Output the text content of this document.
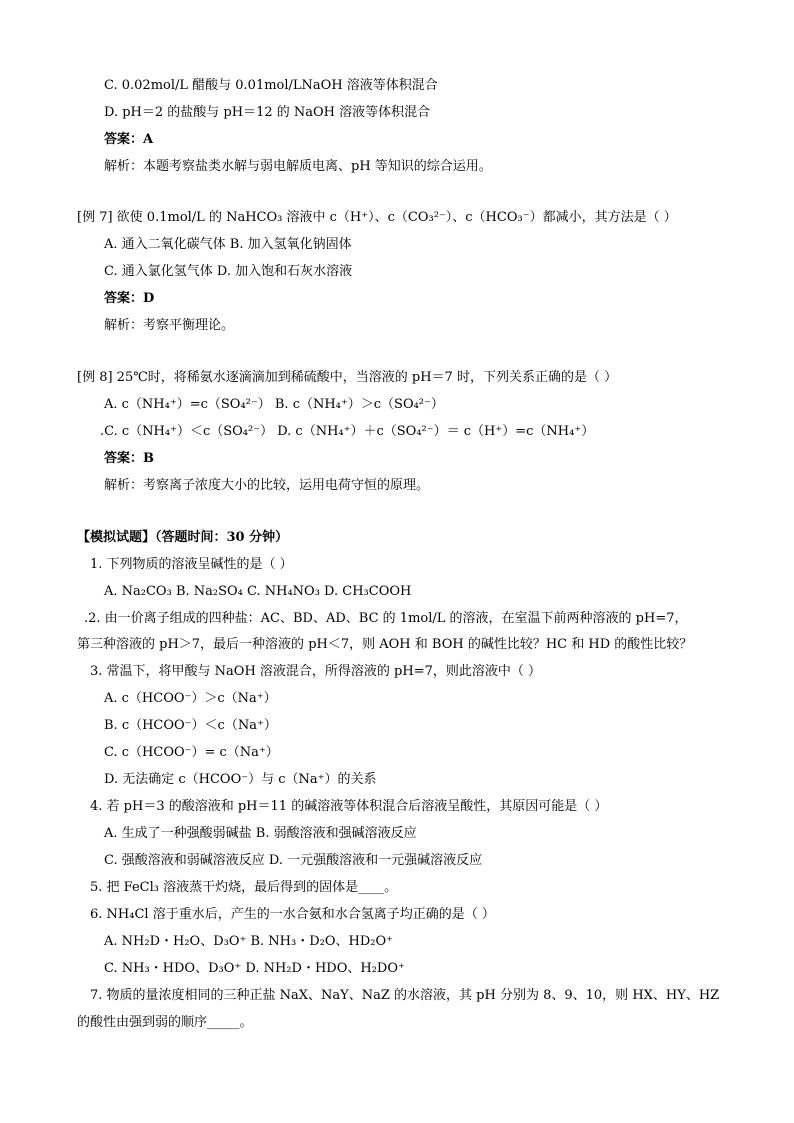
C. 0.02mol/L 醋酸与 0.01mol/LNaOH 溶液等体积混合
D. pH＝2 的盐酸与 pH＝12 的 NaOH 溶液等体积混合
答案：A
解析：本题考察盐类水解与弱电解质电离、pH 等知识的综合运用。
[例 7] 欲使 0.1mol/L 的 NaHCO₃ 溶液中 c（H⁺）、c（CO₃²⁻）、c（HCO₃⁻）都减小，其方法是（ ）
A. 通入二氧化碳气体 B. 加入氢氧化钠固体
C. 通入氯化氢气体 D. 加入饱和石灰水溶液
答案：D
解析：考察平衡理论。
[例 8] 25℃时，将稀氨水逐滴滴加到稀硫酸中，当溶液的 pH＝7 时，下列关系正确的是（ ）
A. c（NH₄⁺）=c（SO₄²⁻） B. c（NH₄⁺）＞c（SO₄²⁻）
.C. c（NH₄⁺）＜c（SO₄²⁻） D. c（NH₄⁺）＋c（SO₄²⁻）＝ c（H⁺）=c（NH₄⁺）
答案：B
解析：考察离子浓度大小的比较，运用电荷守恒的原理。
【模拟试题】（答题时间：30 分钟）
1. 下列物质的溶液呈碱性的是（ ）
A. Na₂CO₃ B. Na₂SO₄ C. NH₄NO₃ D. CH₃COOH
.2. 由一价离子组成的四种盐：AC、BD、AD、BC 的 1mol/L 的溶液，在室温下前两种溶液的 pH=7，
第三种溶液的 pH＞7，最后一种溶液的 pH＜7，则 AOH 和 BOH 的碱性比较？HC 和 HD 的酸性比较？
3. 常温下，将甲酸与 NaOH 溶液混合，所得溶液的 pH=7，则此溶液中（ ）
A. c（HCOO⁻）＞c（Na⁺）
B. c（HCOO⁻）＜c（Na⁺）
C. c（HCOO⁻）= c（Na⁺）
D. 无法确定 c（HCOO⁻）与 c（Na⁺）的关系
4. 若 pH＝3 的酸溶液和 pH＝11 的碱溶液等体积混合后溶液呈酸性，其原因可能是（ ）
A. 生成了一种强酸弱碱盐 B. 弱酸溶液和强碱溶液反应
C. 强酸溶液和弱碱溶液反应 D. 一元强酸溶液和一元强碱溶液反应
5. 把 FeCl₃ 溶液蒸干灼烧，最后得到的固体是____。
6. NH₄Cl 溶于重水后，产生的一水合氨和水合氢离子均正确的是（ ）
A. NH₂D・H₂O、D₃O⁺ B. NH₃・D₂O、HD₂O⁺
C. NH₃・HDO、D₃O⁺ D. NH₂D・HDO、H₂DO⁺
7. 物质的量浓度相同的三种正盐 NaX、NaY、NaZ 的水溶液，其 pH 分别为 8、9、10，则 HX、HY、HZ
的酸性由强到弱的顺序_____。
